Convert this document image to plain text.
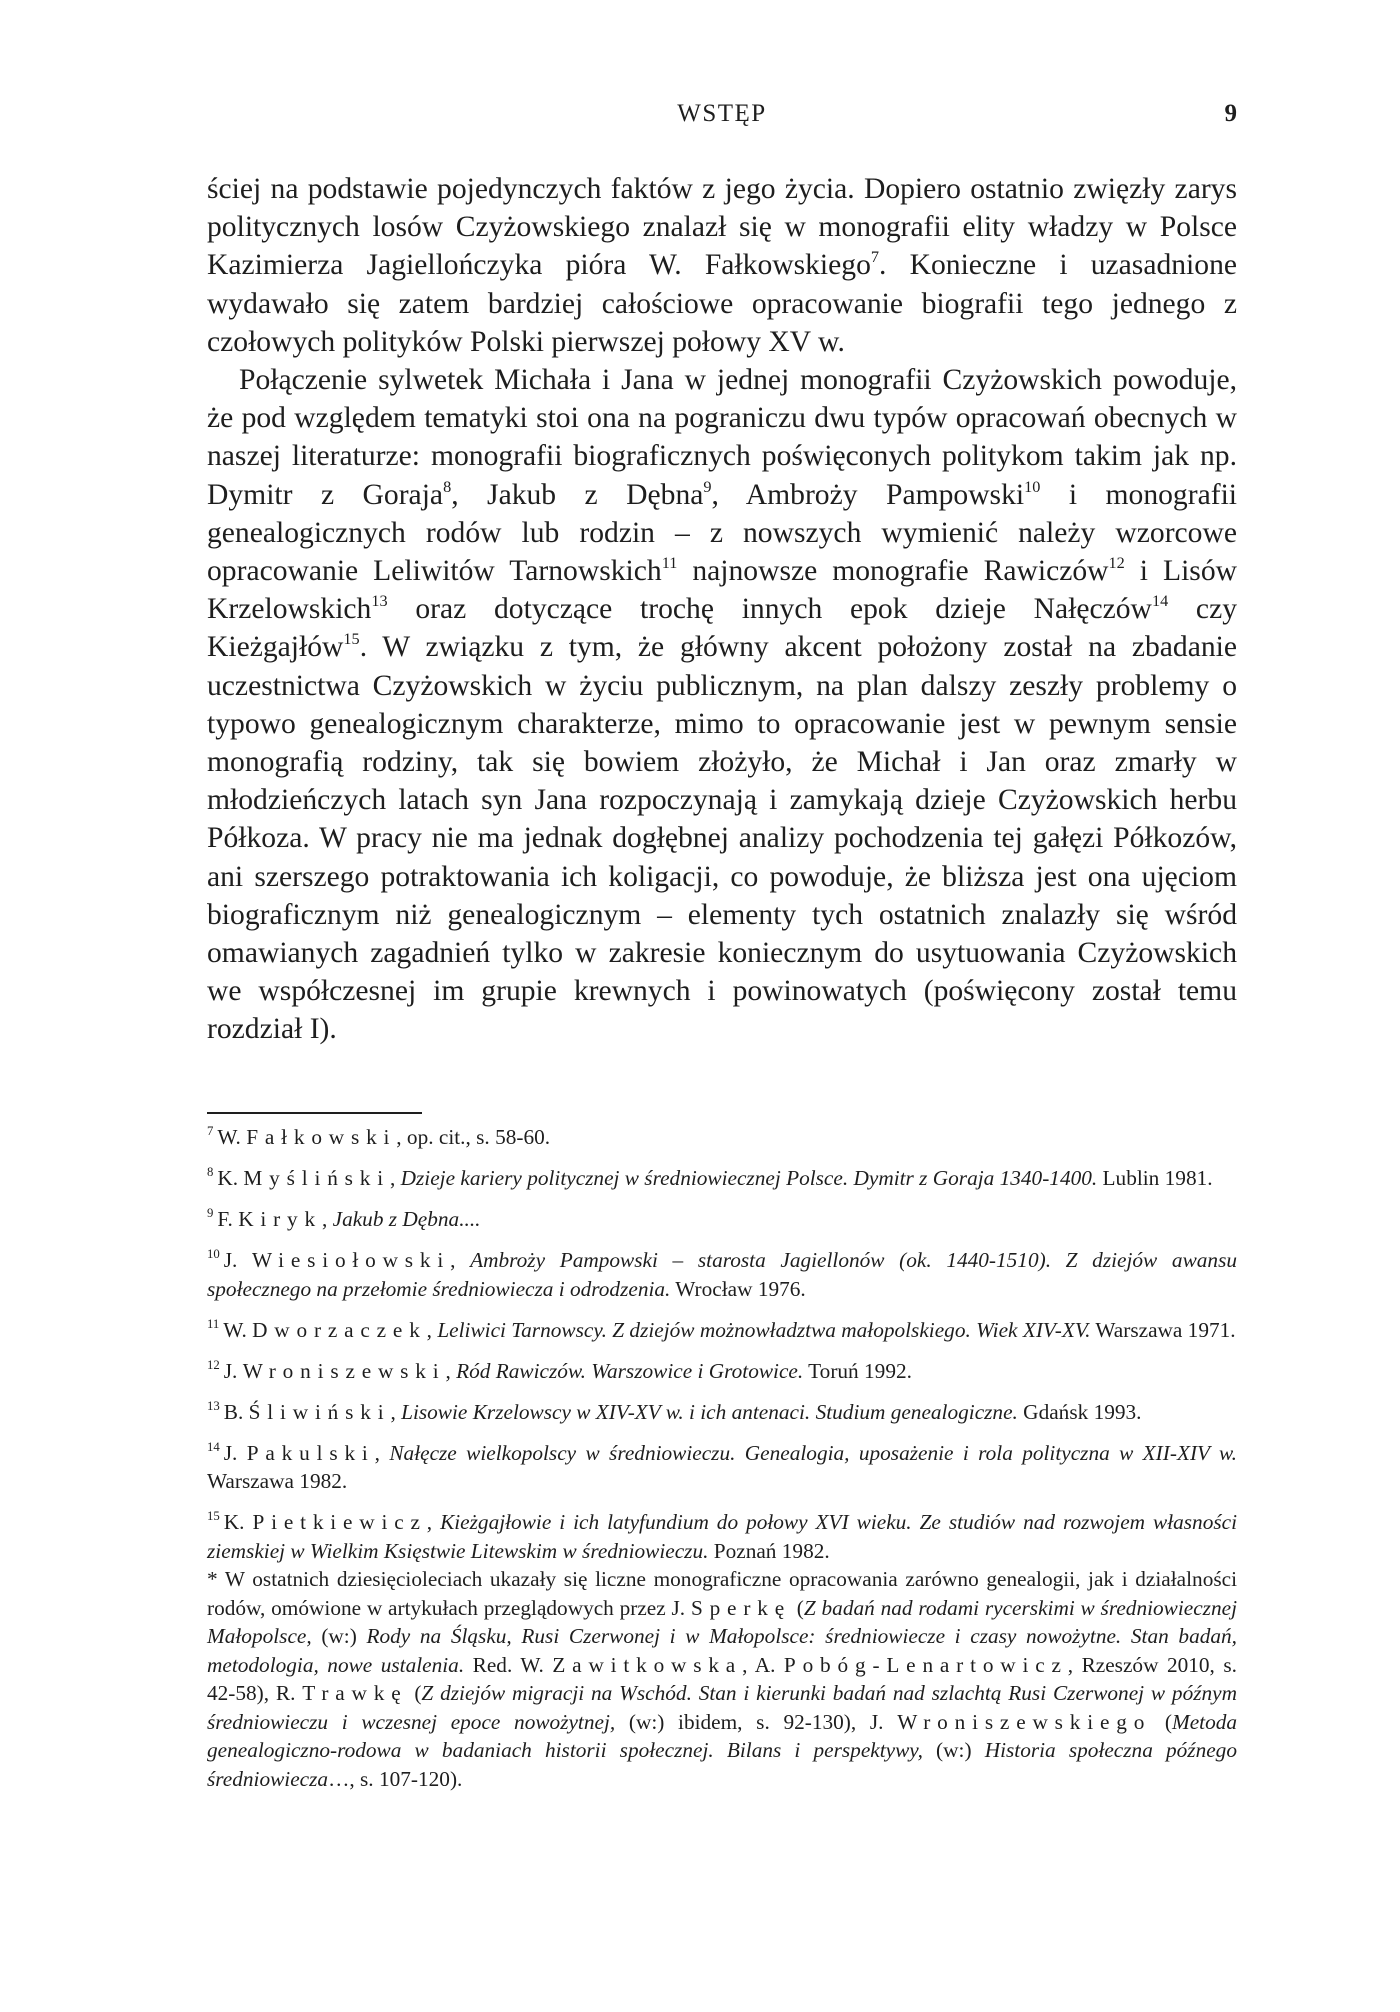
WSTĘP	9

ściej na podstawie pojedynczych faktów z jego życia. Dopiero ostatnio zwięzły zarys politycznych losów Czyżowskiego znalazł się w monografii elity władzy w Polsce Kazimierza Jagiellończyka pióra W. Fałkowskiego$^7$. Konieczne i uzasadnione wydawało się zatem bardziej całościowe opracowanie biografii tego jednego z czołowych polityków Polski pierwszej połowy XV w.

Połączenie sylwetek Michała i Jana w jednej monografii Czyżowskich powoduje, że pod względem tematyki stoi ona na pograniczu dwu typów opracowań obecnych w naszej literaturze: monografii biograficznych poświęconych politykom takim jak np. Dymitr z Goraja$^8$, Jakub z Dębna$^9$, Ambroży Pampowski$^{10}$ i monografii genealogicznych rodów lub rodzin – z nowszych wymienić należy wzorcowe opracowanie Leliwitów Tarnowskich$^{11}$ najnowsze monografie Rawiczów$^{12}$ i Lisów Krzelowskich$^{13}$ oraz dotyczące trochę innych epok dzieje Nałęczów$^{14}$ czy Kieżgajłów$^{15}$. W związku z tym, że główny akcent położony został na zbadanie uczestnictwa Czyżowskich w życiu publicznym, na plan dalszy zeszły problemy o typowo genealogicznym charakterze, mimo to opracowanie jest w pewnym sensie monografią rodziny, tak się bowiem złożyło, że Michał i Jan oraz zmarły w młodzieńczych latach syn Jana rozpoczynają i zamykają dzieje Czyżowskich herbu Półkoza. W pracy nie ma jednak dogłębnej analizy pochodzenia tej gałęzi Półkozów, ani szerszego potraktowania ich koligacji, co powoduje, że bliższa jest ona ujęciom biograficznym niż genealogicznym – elementy tych ostatnich znalazły się wśród omawianych zagadnień tylko w zakresie koniecznym do usytuowania Czyżowskich we współczesnej im grupie krewnych i powinowatych (poświęcony został temu rozdział I).

$^7$ W. Fałkowski, op. cit., s. 58-60.

$^8$ K. Myśliński, Dzieje kariery politycznej w średniowiecznej Polsce. Dymitr z Goraja 1340-1400. Lublin 1981.

$^9$ F. Kiryk, Jakub z Dębna....

$^{10}$ J. Wiesiołowski, Ambroży Pampowski – starosta Jagiellonów (ok. 1440-1510). Z dziejów awansu społecznego na przełomie średniowiecza i odrodzenia. Wrocław 1976.

$^{11}$ W. Dworzaczek, Leliwici Tarnowscy. Z dziejów możnowładztwa małopolskiego. Wiek XIV-XV. Warszawa 1971.

$^{12}$ J. Wroniszewski, Ród Rawiczów. Warszowice i Grotowice. Toruń 1992.

$^{13}$ B. Śliwiński, Lisowie Krzelowscy w XIV-XV w. i ich antenaci. Studium genealogiczne. Gdańsk 1993.

$^{14}$ J. Pakulski, Nałęcze wielkopolscy w średniowieczu. Genealogia, uposażenie i rola polityczna w XII-XIV w. Warszawa 1982.

$^{15}$ K. Pietkiewicz, Kieżgajłowie i ich latyfundium do połowy XVI wieku. Ze studiów nad rozwojem własności ziemskiej w Wielkim Księstwie Litewskim w średniowieczu. Poznań 1982.

* W ostatnich dziesięcioleciach ukazały się liczne monograficzne opracowania zarówno genealogii, jak i działalności rodów, omówione w artykułach przeglądowych przez J. Sperkę (Z badań nad rodami rycerskimi w średniowiecznej Małopolsce, (w:) Rody na Śląsku, Rusi Czerwonej i w Małopolsce: średniowiecze i czasy nowożytne. Stan badań, metodologia, nowe ustalenia. Red. W. Zawitkowska, A. Pobóg-Lenartowicz, Rzeszów 2010, s. 42-58), R. Trawkę (Z dziejów migracji na Wschód. Stan i kierunki badań nad szlachtą Rusi Czerwonej w późnym średniowieczu i wczesnej epoce nowożytnej, (w:) ibidem, s. 92-130), J. Wroniszewskiego (Metoda genealogiczno-rodowa w badaniach historii społecznej. Bilans i perspektywy, (w:) Historia społeczna późnego średniowiecza…, s. 107-120).
